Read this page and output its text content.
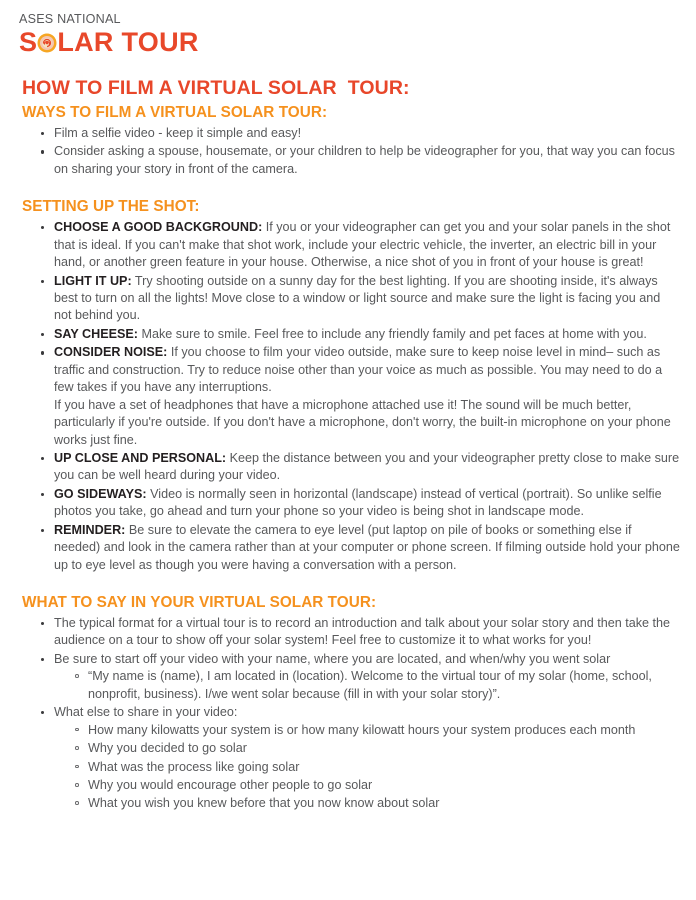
ASES NATIONAL
S LAR TOUR
HOW TO FILM A VIRTUAL SOLAR  TOUR:
WAYS TO FILM A VIRTUAL SOLAR TOUR:
Film a selfie video - keep it simple and easy!
Consider asking a spouse, housemate, or your children to help be videographer for you, that way you can focus on sharing your story in front of the camera.
SETTING UP THE SHOT:
CHOOSE A GOOD BACKGROUND: If you or your videographer can get you and your solar panels in the shot that is ideal. If you can't make that shot work, include your electric vehicle, the inverter, an electric bill in your hand, or another green feature in your house. Otherwise, a nice shot of you in front of your house is great!
LIGHT IT UP: Try shooting outside on a sunny day for the best lighting. If you are shooting inside, it's always best to turn on all the lights! Move close to a window or light source and make sure the light is facing you and not behind you.
SAY CHEESE: Make sure to smile. Feel free to include any friendly family and pet faces at home with you.
CONSIDER NOISE: If you choose to film your video outside, make sure to keep noise level in mind– such as traffic and construction. Try to reduce noise other than your voice as much as possible. You may need to do a few takes if you have any interruptions.
If you have a set of headphones that have a microphone attached use it! The sound will be much better, particularly if you're outside. If you don't have a microphone, don't worry, the built-in microphone on your phone works just fine.
UP CLOSE AND PERSONAL: Keep the distance between you and your videographer pretty close to make sure you can be well heard during your video.
GO SIDEWAYS: Video is normally seen in horizontal (landscape) instead of vertical (portrait). So unlike selfie photos you take, go ahead and turn your phone so your video is being shot in landscape mode.
REMINDER: Be sure to elevate the camera to eye level (put laptop on pile of books or something else if needed) and look in the camera rather than at your computer or phone screen. If filming outside hold your phone up to eye level as though you were having a conversation with a person.
WHAT TO SAY IN YOUR VIRTUAL SOLAR TOUR:
The typical format for a virtual tour is to record an introduction and talk about your solar story and then take the audience on a tour to show off your solar system! Feel free to customize it to what works for you!
Be sure to start off your video with your name, where you are located, and when/why you went solar
“My name is (name), I am located in (location). Welcome to the virtual tour of my solar (home, school, nonprofit, business). I/we went solar because (fill in with your solar story)”.
What else to share in your video:
How many kilowatts your system is or how many kilowatt hours your system produces each month
Why you decided to go solar
What was the process like going solar
Why you would encourage other people to go solar
What you wish you knew before that you now know about solar
